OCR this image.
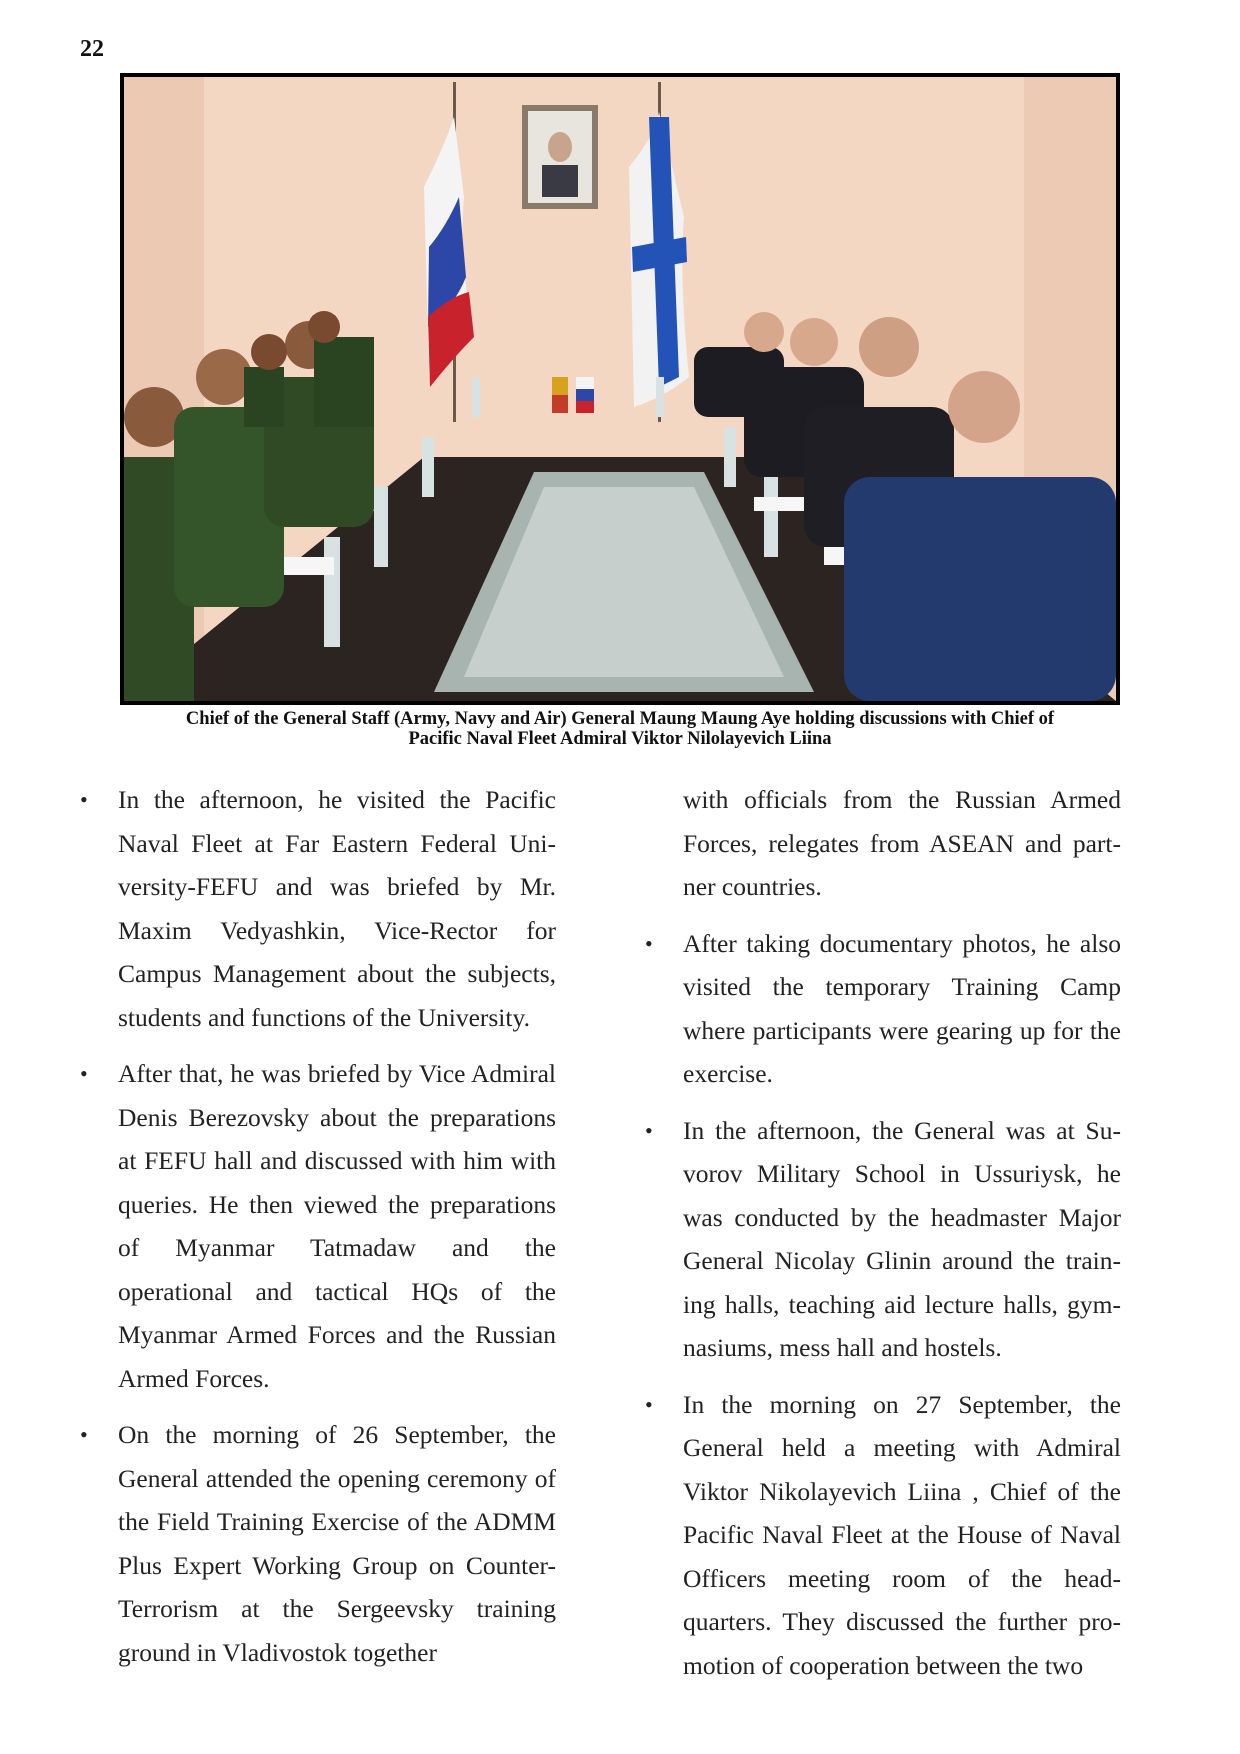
22
Chief of the General Staff (Army, Navy and Air) General Maung Maung Aye holding discussions with Chief of
Pacific Naval Fleet Admiral Viktor Nilolayevich Liina
• In the afternoon, he visited the Pacific Naval Fleet at Far Eastern Federal University-FEFU and was briefed by Mr. Maxim Vedyashkin, Vice-Rector for Campus Management about the subjects, students and functions of the University.
• After that, he was briefed by Vice Admiral Denis Berezovsky about the preparations at FEFU hall and discussed with him with queries. He then viewed the preparations of Myanmar Tatmadaw and the operational and tactical HQs of the Myanmar Armed Forces and the Russian Armed Forces.
• On the morning of 26 September, the General attended the opening ceremony of the Field Training Exercise of the ADMM Plus Expert Working Group on Counter-Terrorism at the Sergeevsky training ground in Vladivostok together
with officials from the Russian Armed Forces, relegates from ASEAN and partner countries.
• After taking documentary photos, he also visited the temporary Training Camp where participants were gearing up for the exercise.
• In the afternoon, the General was at Suvorov Military School in Ussuriysk, he was conducted by the headmaster Major General Nicolay Glinin around the training halls, teaching aid lecture halls, gymnasiums, mess hall and hostels.
• In the morning on 27 September, the General held a meeting with Admiral Viktor Nikolayevich Liina , Chief of the Pacific Naval Fleet at the House of Naval Officers meeting room of the headquarters. They discussed the further promotion of cooperation between the two
